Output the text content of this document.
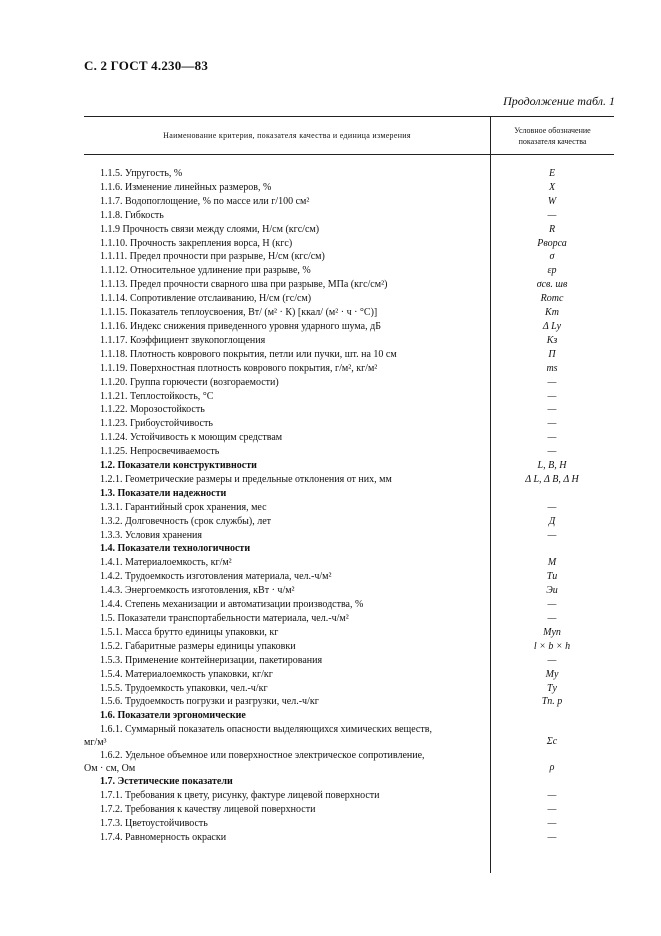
С. 2 ГОСТ 4.230—83
Продолжение табл. 1
Наименование критерия, показателя качества и единица измерения
Условное обозначение
показателя качества
1.1.5. Упругость, %	E
1.1.6. Изменение линейных размеров, %	X
1.1.7. Водопоглощение, % по массе или г/100 см²	W
1.1.8. Гибкость	—
1.1.9 Прочность связи между слоями, Н/см (кгс/см)	R
1.1.10. Прочность закрепления ворса, Н (кгс)	Pворса
1.1.11. Предел прочности при разрыве, Н/см (кгс/см)	σ
1.1.12. Относительное удлинение при разрыве, %	εр
1.1.13. Предел прочности сварного шва при разрыве, МПа (кгс/см²)	σсв. шв
1.1.14. Сопротивление отслаиванию, Н/см (гс/см)	Rотс
1.1.15. Показатель теплоусвоения, Вт/ (м² · К) [ккал/ (м² · ч · °С)]	Kт
1.1.16. Индекс снижения приведенного уровня ударного шума, дБ	Δ Lу
1.1.17. Коэффициент звукопоглощения	Kз
1.1.18. Плотность коврового покрытия, петли или пучки, шт. на 10 см	П
1.1.19. Поверхностная плотность коврового покрытия, г/м², кг/м²	ms
1.1.20. Группа горючести (возгораемости)	—
1.1.21. Теплостойкость, °С	—
1.1.22. Морозостойкость	—
1.1.23. Грибоустойчивость	—
1.1.24. Устойчивость к моющим средствам	—
1.1.25. Непросвечиваемость	—
1.2. Показатели конструктивности	L, B, H
1.2.1. Геометрические размеры и предельные отклонения от них, мм	Δ L, Δ B, Δ H
1.3. Показатели надежности
1.3.1. Гарантийный срок хранения, мес	—
1.3.2. Долговечность (срок службы), лет	Д
1.3.3. Условия хранения	—
1.4. Показатели технологичности
1.4.1. Материалоемкость, кг/м²	M
1.4.2. Трудоемкость изготовления материала, чел.-ч/м²	Tи
1.4.3. Энергоемкость изготовления, кВт · ч/м²	Эи
1.4.4. Степень механизации и автоматизации производства, %	—
1.5. Показатели транспортабельности материала, чел.-ч/м²	—
1.5.1. Масса брутто единицы упаковки, кг	Mуп
1.5.2. Габаритные размеры единицы упаковки	l × b × h
1.5.3. Применение контейнеризации, пакетирования	—
1.5.4. Материалоемкость упаковки, кг/кг	Mу
1.5.5. Трудоемкость упаковки, чел.-ч/кг	Tу
1.5.6. Трудоемкость погрузки и разгрузки, чел.-ч/кг	Tп. р
1.6. Показатели эргономические
1.6.1. Суммарный показатель опасности выделяющихся химических веществ,
мг/м³	Σс
1.6.2. Удельное объемное или поверхностное электрическое сопротивление,
Ом · см, Ом	ρ
1.7. Эстетические показатели
1.7.1. Требования к цвету, рисунку, фактуре лицевой поверхности	—
1.7.2. Требования к качеству лицевой поверхности	—
1.7.3. Цветоустойчивость	—
1.7.4. Равномерность окраски	—
